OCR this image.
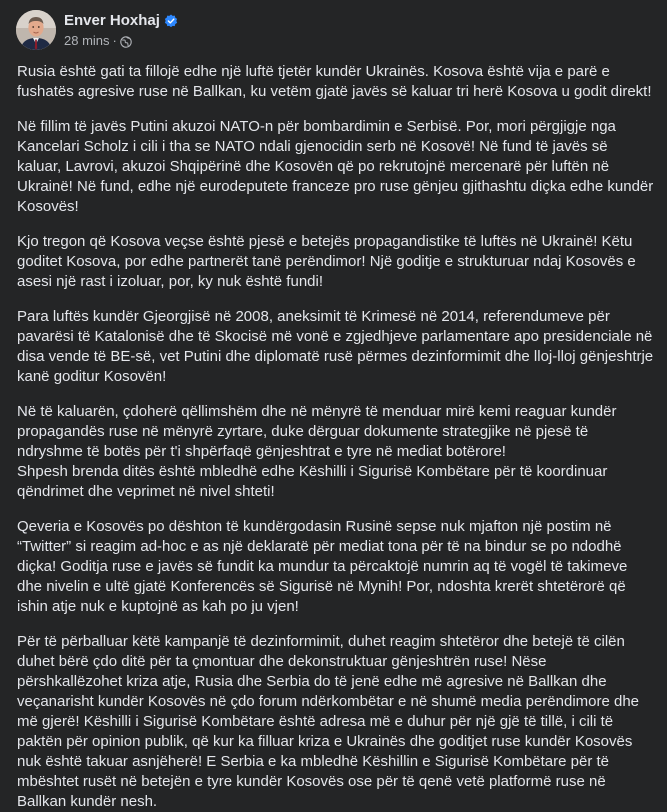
Enver Hoxhaj
28 mins ·

Rusia është gati ta fillojë edhe një luftë tjetër kundër Ukrainës. Kosova është vija e parë e fushatës agresive ruse në Ballkan, ku vetëm gjatë javës së kaluar tri herë Kosova u godit direkt!

Në fillim të javës Putini akuzoi NATO-n për bombardimin e Serbisë. Por, mori përgjigje nga Kancelari Scholz i cili i tha se NATO ndali gjenocidin serb në Kosovë! Në fund të javës së kaluar, Lavrovi, akuzoi Shqipërinë dhe Kosovën që po rekrutojnë mercenarë për luftën në Ukrainë! Në fund, edhe një eurodeputete franceze pro ruse gënjeu gjithashtu diçka edhe kundër Kosovës!

Kjo tregon që Kosova veçse është pjesë e betejës propagandistike të luftës në Ukrainë! Këtu goditet Kosova, por edhe partnerët tanë perëndimor! Një goditje e strukturuar ndaj Kosovës e asesi një rast i izoluar, por, ky nuk është fundi!

Para luftës kundër Gjeorgjisë në 2008, aneksimit të Krimesë në 2014, referendumeve për pavarësi të Katalonisë dhe të Skocisë më vonë e zgjedhjeve parlamentare apo presidenciale në disa vende të BE-së, vet Putini dhe diplomatë rusë përmes dezinformimit dhe lloj-lloj gënjeshtrje kanë goditur Kosovën!

Në të kaluarën, çdoherë qëllimshëm dhe në mënyrë të menduar mirë kemi reaguar kundër propagandës ruse në mënyrë zyrtare, duke dërguar dokumente strategjike në pjesë të ndryshme të botës për t'i shpërfaqë gënjeshtrat e tyre në mediat botërore!
Shpesh brenda ditës është mbledhë edhe Këshilli i Sigurisë Kombëtare për të koordinuar qëndrimet dhe veprimet në nivel shteti!

Qeveria e Kosovës po dështon të kundërgodasin Rusinë sepse nuk mjafton një postim në “Twitter” si reagim ad-hoc e as një deklaratë për mediat tona për të na bindur se po ndodhë diçka! Goditja ruse e javës së fundit ka mundur ta përcaktojë numrin aq të vogël të takimeve dhe nivelin e ultë gjatë Konferencës së Sigurisë në Mynih! Por, ndoshta krerët shtetërorë që ishin atje nuk e kuptojnë as kah po ju vjen!

Për të përballuar këtë kampanjë të dezinformimit, duhet reagim shtetëror dhe betejë të cilën duhet bërë çdo ditë për ta çmontuar dhe dekonstruktuar gënjeshtrën ruse! Nëse përshkallëzohet kriza atje, Rusia dhe Serbia do të jenë edhe më agresive në Ballkan dhe veçanarisht kundër Kosovës në çdo forum ndërkombëtar e në shumë media perëndimore dhe më gjerë! Këshilli i Sigurisë Kombëtare është adresa më e duhur për një gjë të tillë, i cili të paktën për opinion publik, që kur ka filluar kriza e Ukrainës dhe goditjet ruse kundër Kosovës nuk është takuar asnjëherë! E Serbia e ka mbledhë Këshillin e Sigurisë Kombëtare për të mbështet rusët në betejën e tyre kundër Kosovës ose për të qenë vetë platformë ruse në Ballkan kundër nesh.
